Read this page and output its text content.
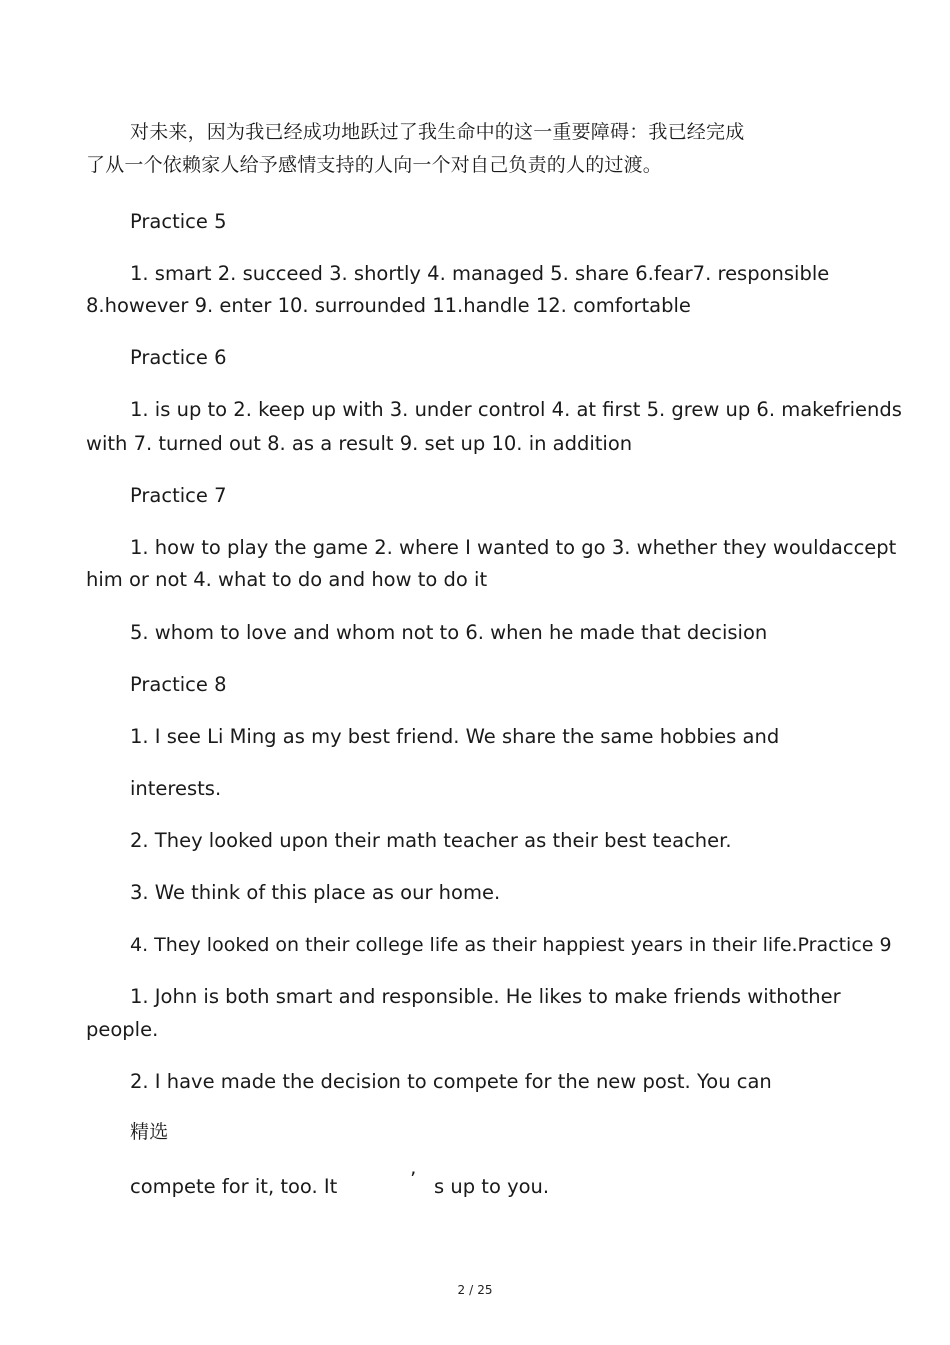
对未来，因为我已经成功地跃过了我生命中的这一重要障碍：我已经完成
了从一个依赖家人给予感情支持的人向一个对自己负责的人的过渡。
Practice 5
1. smart 2. succeed 3. shortly 4. managed 5. share 6.fear7. responsible
8.however 9. enter 10. surrounded 11.handle 12. comfortable
Practice 6
1. is up to 2. keep up with 3. under control 4. at first 5. grew up 6. makefriends
with 7. turned out 8. as a result 9. set up 10. in addition
Practice 7
1. how to play the game 2. where I wanted to go 3. whether they wouldaccept
him or not 4. what to do and how to do it
5. whom to love and whom not to 6. when he made that decision
Practice 8
1. I see Li Ming as my best friend. We share the same hobbies and
interests.
2. They looked upon their math teacher as their best teacher.
3. We think of this place as our home.
4. They looked on their college life as their happiest years in their life.Practice 9
1. John is both smart and responsible. He likes to make friends withother
people.
2. I have made the decision to compete for the new post. You can
精选
compete for it, too. It	’ s up to you.
2 / 25
